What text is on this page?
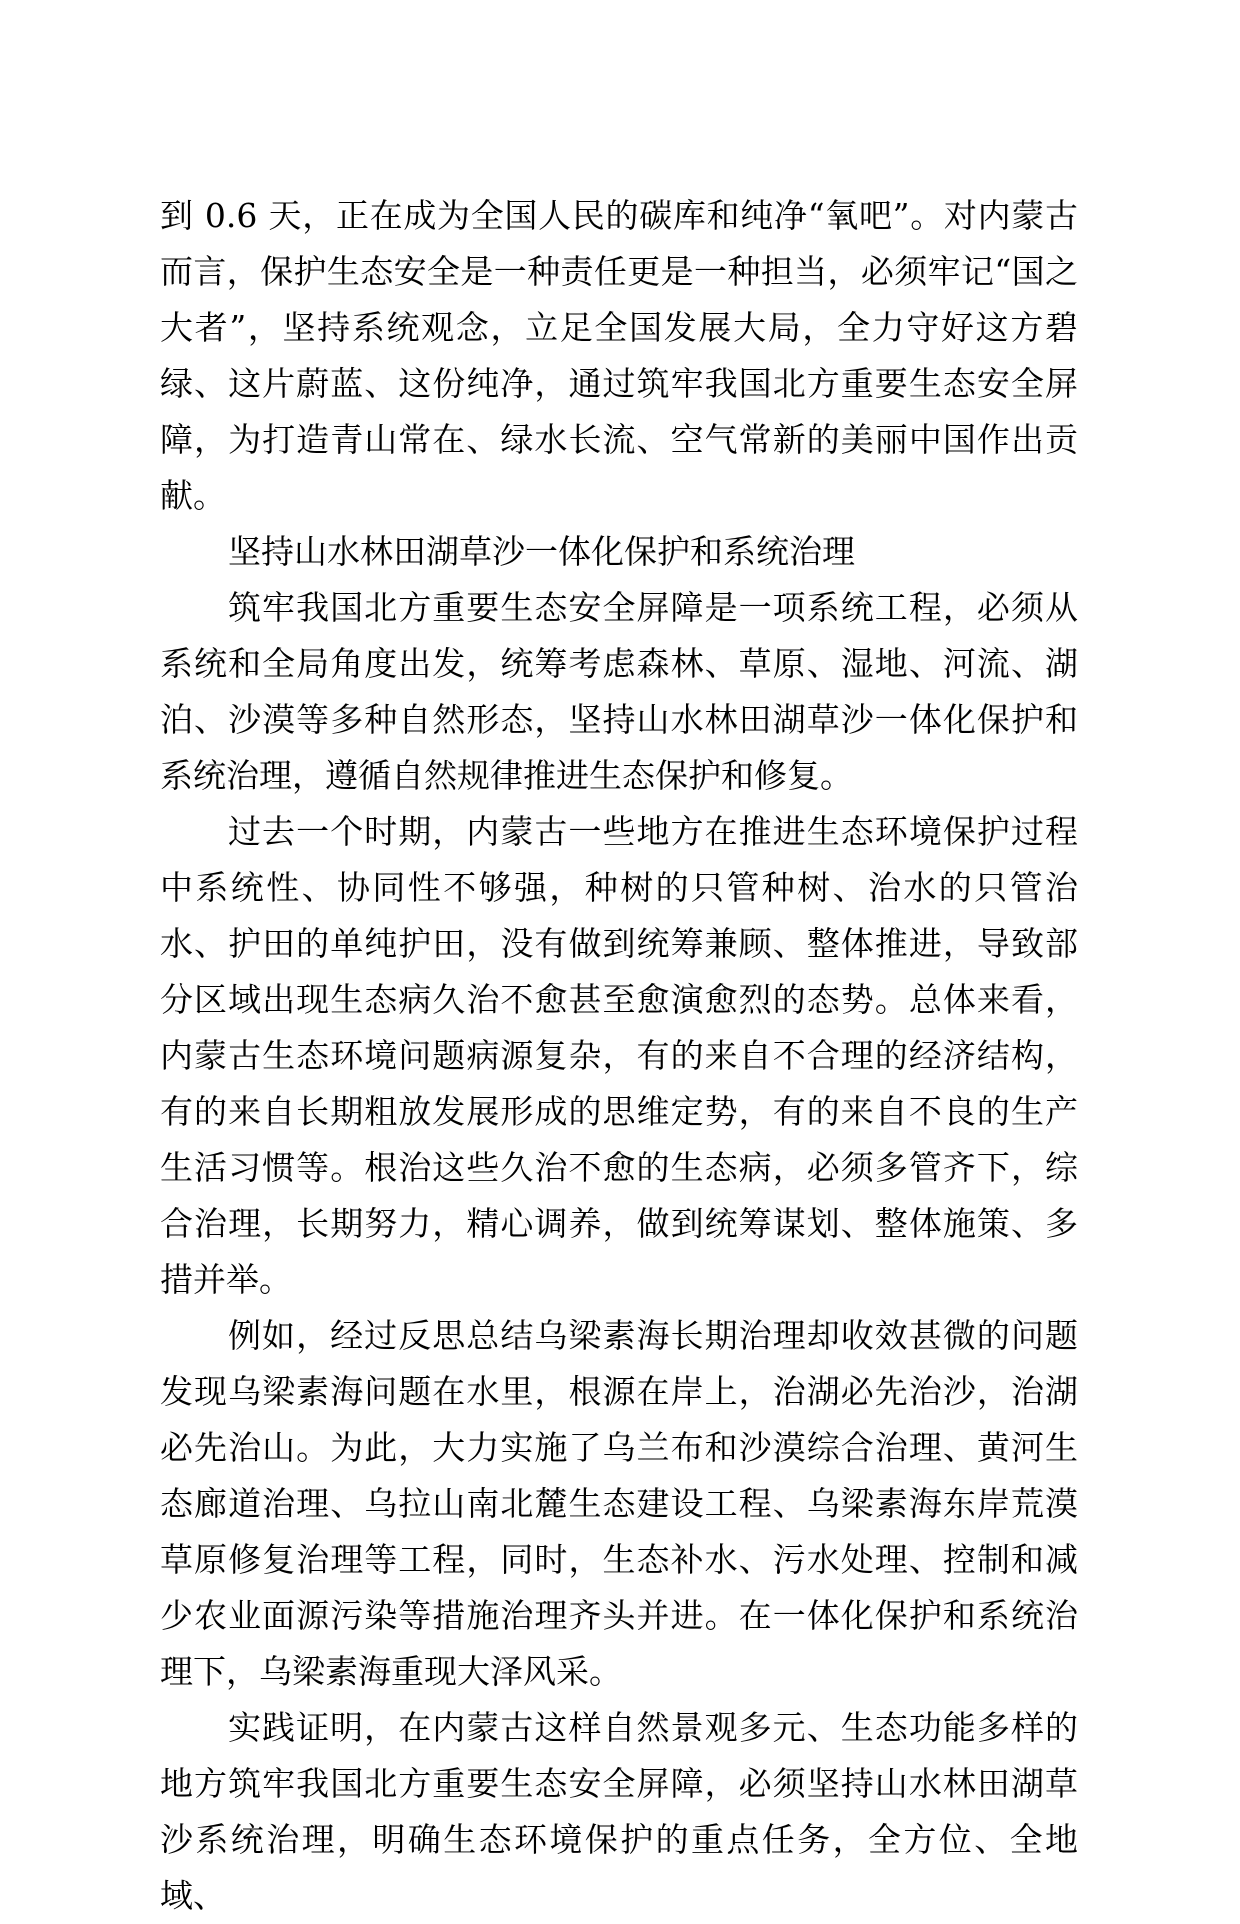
到 0.6 天，正在成为全国人民的碳库和纯净“氧吧”。对内蒙古而言，保护生态安全是一种责任更是一种担当，必须牢记“国之大者”，坚持系统观念，立足全国发展大局，全力守好这方碧绿、这片蔚蓝、这份纯净，通过筑牢我国北方重要生态安全屏障，为打造青山常在、绿水长流、空气常新的美丽中国作出贡献。

坚持山水林田湖草沙一体化保护和系统治理

筑牢我国北方重要生态安全屏障是一项系统工程，必须从系统和全局角度出发，统筹考虑森林、草原、湿地、河流、湖泊、沙漠等多种自然形态，坚持山水林田湖草沙一体化保护和系统治理，遵循自然规律推进生态保护和修复。

过去一个时期，内蒙古一些地方在推进生态环境保护过程中系统性、协同性不够强，种树的只管种树、治水的只管治水、护田的单纯护田，没有做到统筹兼顾、整体推进，导致部分区域出现生态病久治不愈甚至愈演愈烈的态势。总体来看，内蒙古生态环境问题病源复杂，有的来自不合理的经济结构，有的来自长期粗放发展形成的思维定势，有的来自不良的生产生活习惯等。根治这些久治不愈的生态病，必须多管齐下，综合治理，长期努力，精心调养，做到统筹谋划、整体施策、多措并举。

例如，经过反思总结乌梁素海长期治理却收效甚微的问题发现乌梁素海问题在水里，根源在岸上，治湖必先治沙，治湖必先治山。为此，大力实施了乌兰布和沙漠综合治理、黄河生态廊道治理、乌拉山南北麓生态建设工程、乌梁素海东岸荒漠草原修复治理等工程，同时，生态补水、污水处理、控制和减少农业面源污染等措施治理齐头并进。在一体化保护和系统治理下，乌梁素海重现大泽风采。

实践证明，在内蒙古这样自然景观多元、生态功能多样的地方筑牢我国北方重要生态安全屏障，必须坚持山水林田湖草沙系统治理，明确生态环境保护的重点任务，全方位、全地域、
